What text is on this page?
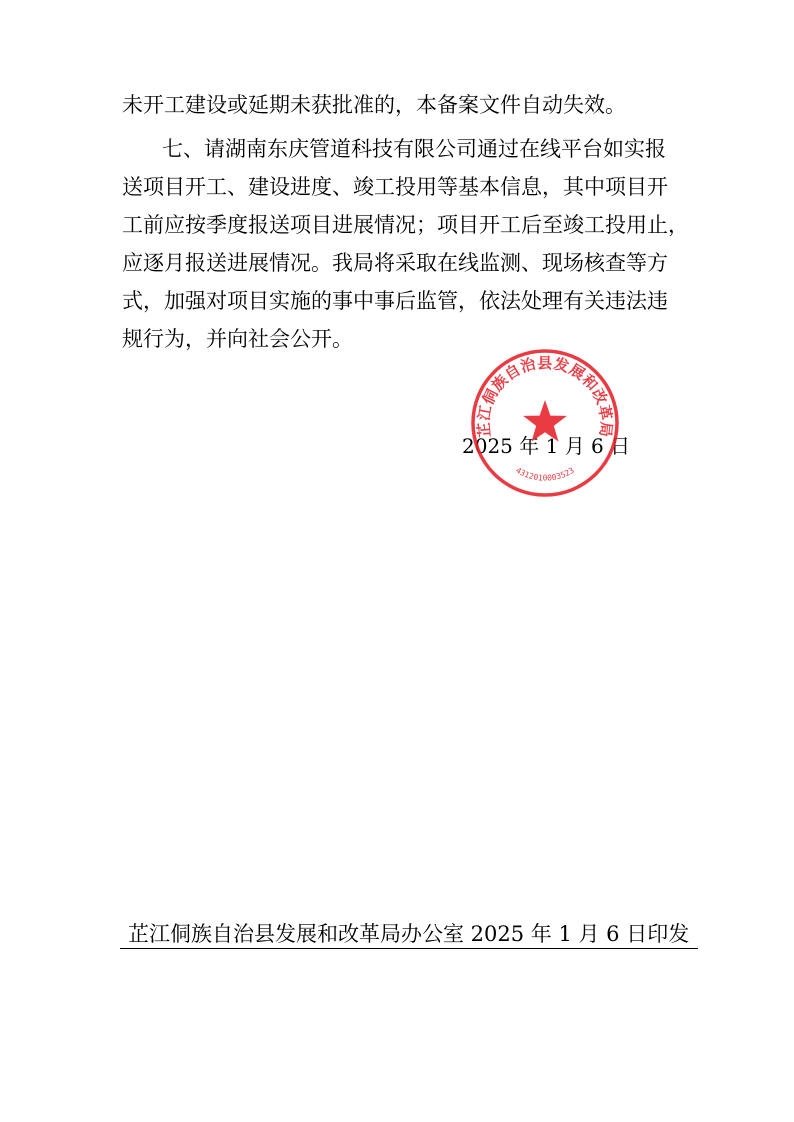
未开工建设或延期未获批准的，本备案文件自动失效。

七、请湖南东庆管道科技有限公司通过在线平台如实报
送项目开工、建设进度、竣工投用等基本信息，其中项目开
工前应按季度报送项目进展情况；项目开工后至竣工投用止，
应逐月报送进展情况。我局将采取在线监测、现场核查等方
式，加强对项目实施的事中事后监管，依法处理有关违法违
规行为，并向社会公开。

2025 年 1 月 6 日
芷江侗族自治县发展和改革局
4312010003523
芷江侗族自治县发展和改革局办公室 2025 年 1 月 6 日印发
